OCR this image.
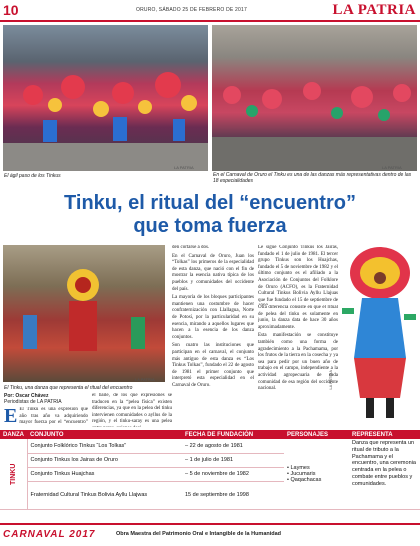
10	ORURO, SÁBADO 25 DE FEBRERO DE 2017	LA PATRIA
El ágil paso de los Tinkus
LA PATRIA
En el Carnaval de Oruro el Tinku es una de las danzas más representativas dentro de las 18 especialidades
LA PATRIA
Tinku, el ritual del “encuentro”
que toma fuerza
El Tinku, una danza que representa el ritual del encuentro
LA PATRIA	LA PATRIA
Por: Oscar Chávez
Periodistas de LA PATRIA

E El Tinku es una expresión que año tras año va adquiriendo mayor fuerza por el “encuentro”

el baile, de los que expresiones se traducen en la “pelea física” existen diferencias, ya que en la pelea del tinku intervienen comunidades o ayllus de la región, y el tinku-saray es una pelea

den cortarse a dos.

En el Carnaval de Oruro, Juan los “Tolkas” los primeros de la especialidad de esta danza, que nació con el fin de mostrar la esencia nativa típica de los pueblos y comunidades del occidente del país.

La mayoría de los bloques participantes mantienen una costumbre de hacer confraternización con Llallagua, Norte de Potosí, por la particularidad en su esencia, mirando a aquellos lugares que hacen a la esencia de los danza conjuntos.

Son cuatro las instituciones que participan en el carnaval, el conjunto más antiguo de esta danza es “Los Tinkus Tolkas”, fundado el 22 de agosto de 1981 el primer conjunto que interpretó esta especialidad en el Carnaval de Oruro.

Le sigue Conjunto Tinkus los Jairas, fundado el 1 de julio de 1981. El tercer grupo Tinkus son los Huajchas, fundado el 5 de noviembre de 1982 y el último conjunto es el afiliado a la Asociación de Conjuntos del Folklore de Oruro (ACFO), es la Fraternidad Cultural Tinkus Bolivia Ayllu Llajuas que fue fundado el 15 de septiembre de

Otra diferencia consiste en que el ritual de pelea del tinku es solamente en junio, la danza data de hace 30 años aproximadamente.

Esta manifestación se constituye también como una forma de agradecimiento a la Pachamama, por los frutos de la tierra en la cosecha y ya sea para pedir por un buen año de trabajo en el campo, independiente a la actividad agropecuaria de cada comunidad de esa región del occidente nacional.

DANZA	CONJUNTO	FECHA DE FUNDACIÓN	PERSONAJES	REPRESENTA

TINKU	Conjunto Folklórico Tinkus “Los Tolkas”	– 22 de agosto de 1981	• Laymes
• Jucumaris
• Qaqachacas	Danza que representa un ritual de tributo a la Pachamama y el encuentro, una ceremonia centrada en la pelea o combate entre pueblos y comunidades.
	Conjunto Tinkus los Jairas de Oruro	– 1 de julio de 1981		
	Conjunto Tinkus Huajchas	– 5 de noviembre de 1982		
	Fraternidad Cultural Tinkus Bolivia Ayllu Llajwas	15 de septiembre de 1998		
CARNAVAL 2017	Obra Maestra del Patrimonio Oral e Intangible de la Humanidad
